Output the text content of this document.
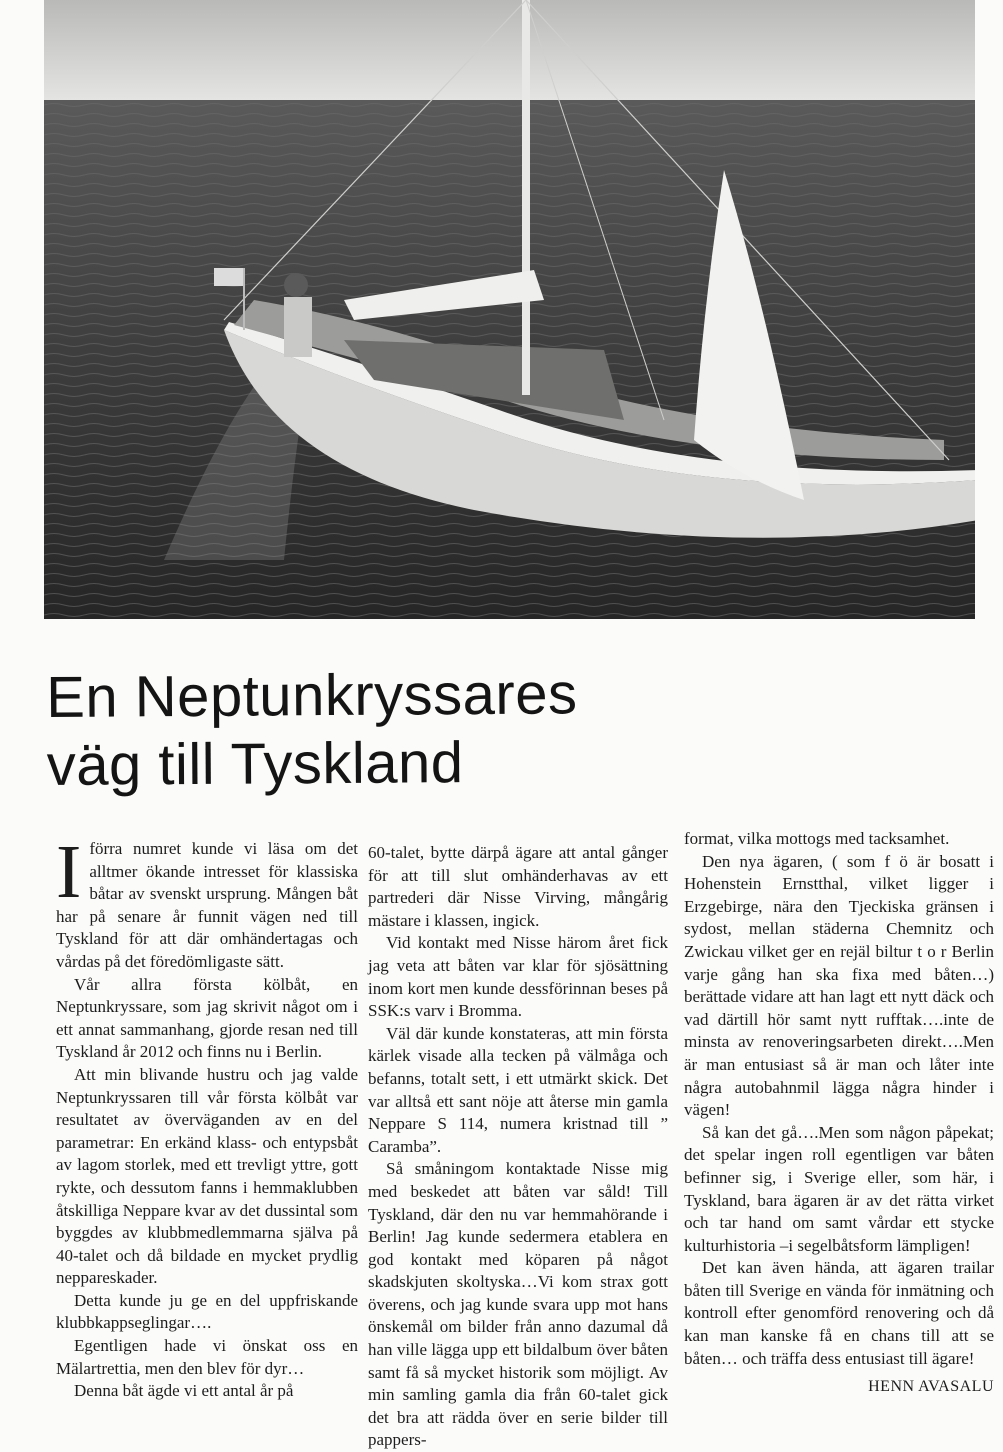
En Neptunkryssares
väg till Tyskland

I förra numret kunde vi läsa om det alltmer ökande intresset för klassiska båtar av svenskt ursprung. Mången båt har på senare år funnit vägen ned till Tyskland för att där omhändertagas och vårdas på det föredömligaste sätt.

Vår allra första kölbåt, en Neptunkryssare, som jag skrivit något om i ett annat sammanhang, gjorde resan ned till Tyskland år 2012 och finns nu i Berlin.

Att min blivande hustru och jag valde Neptunkryssaren till vår första kölbåt var resultatet av överväganden av en del parametrar: En erkänd klass- och entypsbåt av lagom storlek, med ett trevligt yttre, gott rykte, och dessutom fanns i hemmaklubben åtskilliga Neppare kvar av det dussintal som byggdes av klubbmedlemmarna själva på 40-talet och då bildade en mycket prydlig neppareskader.

Detta kunde ju ge en del uppfriskande klubbkappseglingar….

Egentligen hade vi önskat oss en Mälartrettia, men den blev för dyr…

Denna båt ägde vi ett antal år på

60-talet, bytte därpå ägare att antal gånger för att till slut omhänderhavas av ett partrederi där Nisse Virving, mångårig mästare i klassen, ingick.

Vid kontakt med Nisse härom året fick jag veta att båten var klar för sjösättning inom kort men kunde dessförinnan beses på SSK:s varv i Bromma.

Väl där kunde konstateras, att min första kärlek visade alla tecken på välmåga och befanns, totalt sett, i ett utmärkt skick. Det var alltså ett sant nöje att återse min gamla Neppare S 114, numera kristnad till ” Caramba”.

Så småningom kontaktade Nisse mig med beskedet att båten var såld! Till Tyskland, där den nu var hemmahörande i Berlin! Jag kunde sedermera etablera en god kontakt med köparen på något skadskjuten skoltyska…Vi kom strax gott överens, och jag kunde svara upp mot hans önskemål om bilder från anno dazumal då han ville lägga upp ett bildalbum över båten samt få så mycket historik som möjligt. Av min samling gamla dia från 60-talet gick det bra att rädda över en serie bilder till pappers-

format, vilka mottogs med tacksamhet.

Den nya ägaren, ( som f ö är bosatt i Hohenstein Ernstthal, vilket ligger i Erzgebirge, nära den Tjeckiska gränsen i sydost, mellan städerna Chemnitz och Zwickau vilket ger en rejäl biltur t o r Berlin varje gång han ska fixa med båten…) berättade vidare att han lagt ett nytt däck och vad därtill hör samt nytt rufftak….inte de minsta av renoveringsarbeten direkt….Men är man entusiast så är man och låter inte några autobahnmil lägga några hinder i vägen!

Så kan det gå….Men som någon påpekat; det spelar ingen roll egentligen var båten befinner sig, i Sverige eller, som här, i Tyskland, bara ägaren är av det rätta virket och tar hand om samt vårdar ett stycke kulturhistoria –i segelbåtsform lämpligen!

Det kan även hända, att ägaren trailar båten till Sverige en vända för inmätning och kontroll efter genomförd renovering och då kan man kanske få en chans till att se båten… och träffa dess entusiast till ägare!

HENN AVASALU
